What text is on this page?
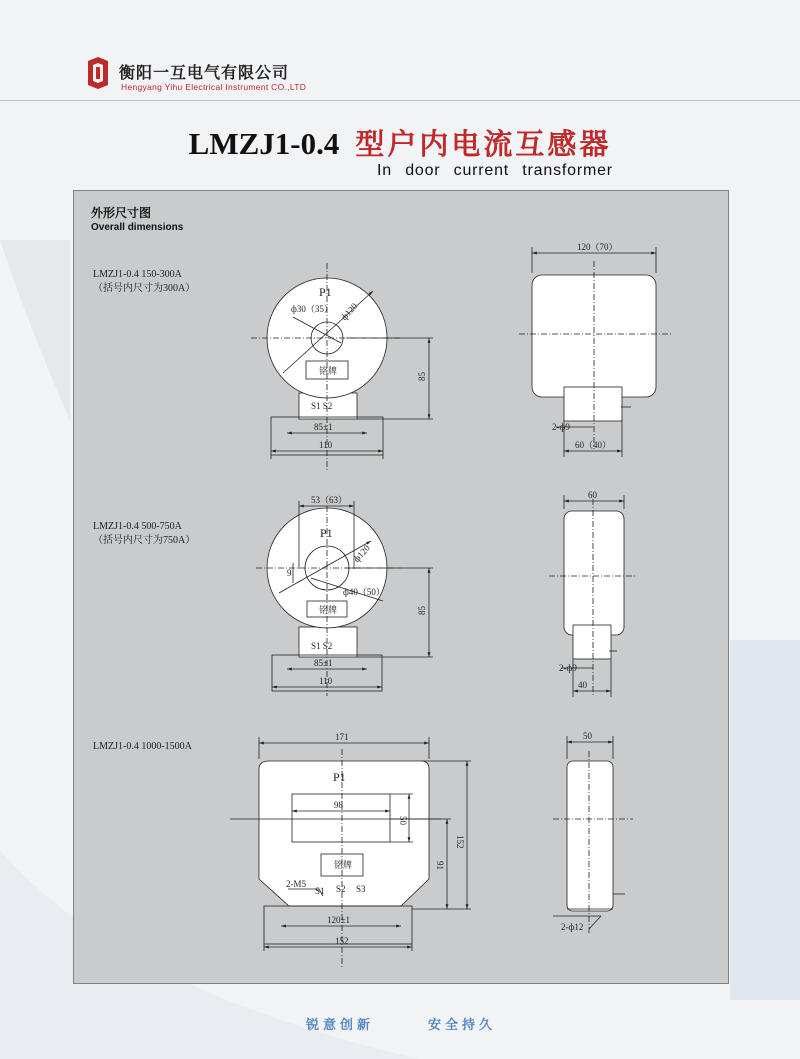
衡阳一互电气有限公司
Hengyang Yihu Electrical Instrument CO.,LTD
LMZJ1-0.4 型户内电流互感器
In door current transformer
外形尺寸图
Overall dimensions
LMZJ1-0.4 150-300A
（括号内尺寸为300A）
LMZJ1-0.4 500-750A
（括号内尺寸为750A）
LMZJ1-0.4 1000-1500A
P1
ф30（35） ф120
铭牌
S1 S2
85
85±1
110
120（70）
2-ф9
60（40）
53（63）
P1
ф120
ф40（50）
9
铭牌
S1 S2
85
85±1
110
60
2-ф9
40
P1
171
98
50
铭牌
2-M5
S1 S2 S3
152
91
120±1
152
50
2-ф12
锐意创新	安全持久
